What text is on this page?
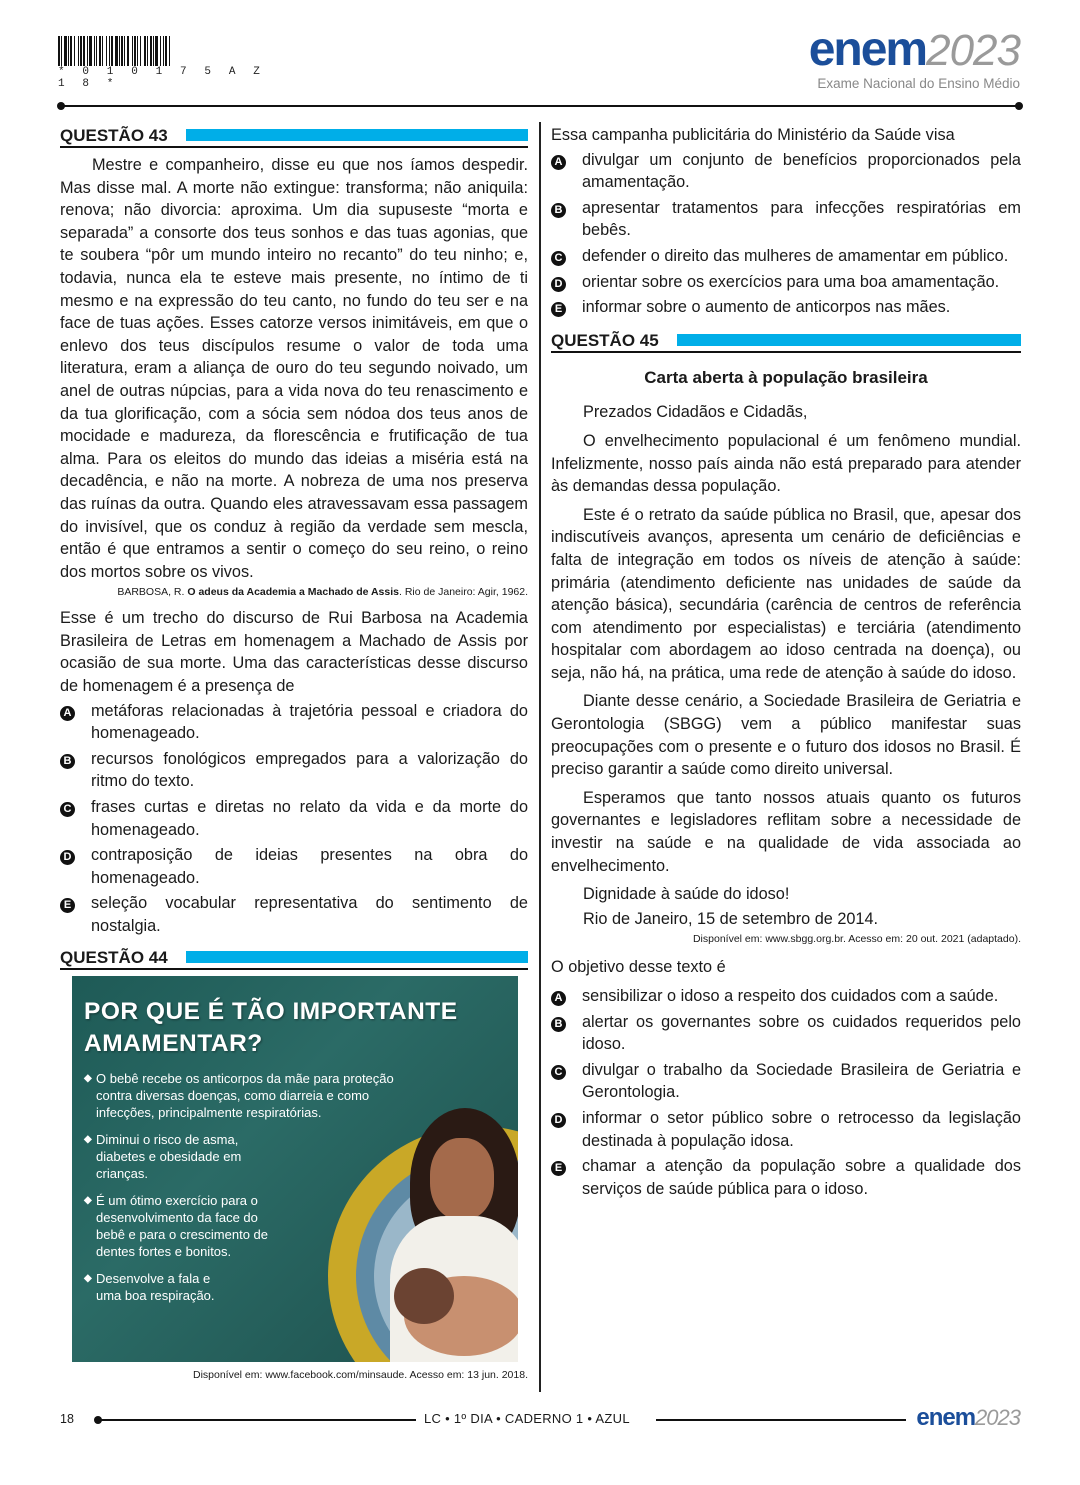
* 0 1 0 1 7 5 A Z 1 8 *
enem2023
Exame Nacional do Ensino Médio
QUESTÃO 43

Mestre e companheiro, disse eu que nos íamos despedir. Mas disse mal. A morte não extingue: transforma; não aniquila: renova; não divorcia: aproxima. Um dia supuseste “morta e separada” a consorte dos teus sonhos e das tuas agonias, que te soubera “pôr um mundo inteiro no recanto” do teu ninho; e, todavia, nunca ela te esteve mais presente, no íntimo de ti mesmo e na expressão do teu canto, no fundo do teu ser e na face de tuas ações. Esses catorze versos inimitáveis, em que o enlevo dos teus discípulos resume o valor de toda uma literatura, eram a aliança de ouro do teu segundo noivado, um anel de outras núpcias, para a vida nova do teu renascimento e da tua glorificação, com a sócia sem nódoa dos teus anos de mocidade e madureza, da florescência e frutificação de tua alma. Para os eleitos do mundo das ideias a miséria está na decadência, e não na morte. A nobreza de uma nos preserva das ruínas da outra. Quando eles atravessavam essa passagem do invisível, que os conduz à região da verdade sem mescla, então é que entramos a sentir o começo do seu reino, o reino dos mortos sobre os vivos.

BARBOSA, R. O adeus da Academia a Machado de Assis. Rio de Janeiro: Agir, 1962.

Esse é um trecho do discurso de Rui Barbosa na Academia Brasileira de Letras em homenagem a Machado de Assis por ocasião de sua morte. Uma das características desse discurso de homenagem é a presença de

A	metáforas relacionadas à trajetória pessoal e criadora do homenageado.
B	recursos fonológicos empregados para a valorização do ritmo do texto.
C	frases curtas e diretas no relato da vida e da morte do homenageado.
D	contraposição de ideias presentes na obra do homenageado.
E	seleção vocabular representativa do sentimento de nostalgia.
QUESTÃO 44
POR QUE É TÃO IMPORTANTE
AMAMENTAR?
◆ O bebê recebe os anticorpos da mãe para proteção contra diversas doenças, como diarreia e como infecções, principalmente respiratórias.
◆ Diminui o risco de asma, diabetes e obesidade em crianças.
◆ É um ótimo exercício para o desenvolvimento da face do bebê e para o crescimento de dentes fortes e bonitos.
◆ Desenvolve a fala e uma boa respiração.

Disponível em: www.facebook.com/minsaude. Acesso em: 13 jun. 2018.

Essa campanha publicitária do Ministério da Saúde visa

A	divulgar um conjunto de benefícios proporcionados pela amamentação.
B	apresentar tratamentos para infecções respiratórias em bebês.
C	defender o direito das mulheres de amamentar em público.
D	orientar sobre os exercícios para uma boa amamentação.
E	informar sobre o aumento de anticorpos nas mães.
QUESTÃO 45

Carta aberta à população brasileira

Prezados Cidadãos e Cidadãs,

O envelhecimento populacional é um fenômeno mundial. Infelizmente, nosso país ainda não está preparado para atender às demandas dessa população.

Este é o retrato da saúde pública no Brasil, que, apesar dos indiscutíveis avanços, apresenta um cenário de deficiências e falta de integração em todos os níveis de atenção à saúde: primária (atendimento deficiente nas unidades de saúde da atenção básica), secundária (carência de centros de referência com atendimento por especialistas) e terciária (atendimento hospitalar com abordagem ao idoso centrada na doença), ou seja, não há, na prática, uma rede de atenção à saúde do idoso.

Diante desse cenário, a Sociedade Brasileira de Geriatria e Gerontologia (SBGG) vem a público manifestar suas preocupações com o presente e o futuro dos idosos no Brasil. É preciso garantir a saúde como direito universal.

Esperamos que tanto nossos atuais quanto os futuros governantes e legisladores reflitam sobre a necessidade de investir na saúde e na qualidade de vida associada ao envelhecimento.

Dignidade à saúde do idoso!

Rio de Janeiro, 15 de setembro de 2014.

Disponível em: www.sbgg.org.br. Acesso em: 20 out. 2021 (adaptado).

O objetivo desse texto é

A	sensibilizar o idoso a respeito dos cuidados com a saúde.
B	alertar os governantes sobre os cuidados requeridos pelo idoso.
C	divulgar o trabalho da Sociedade Brasileira de Geriatria e Gerontologia.
D	informar o setor público sobre o retrocesso da legislação destinada à população idosa.
E	chamar a atenção da população sobre a qualidade dos serviços de saúde pública para o idoso.
18	LC • 1º DIA • CADERNO 1 • AZUL	enem2023
